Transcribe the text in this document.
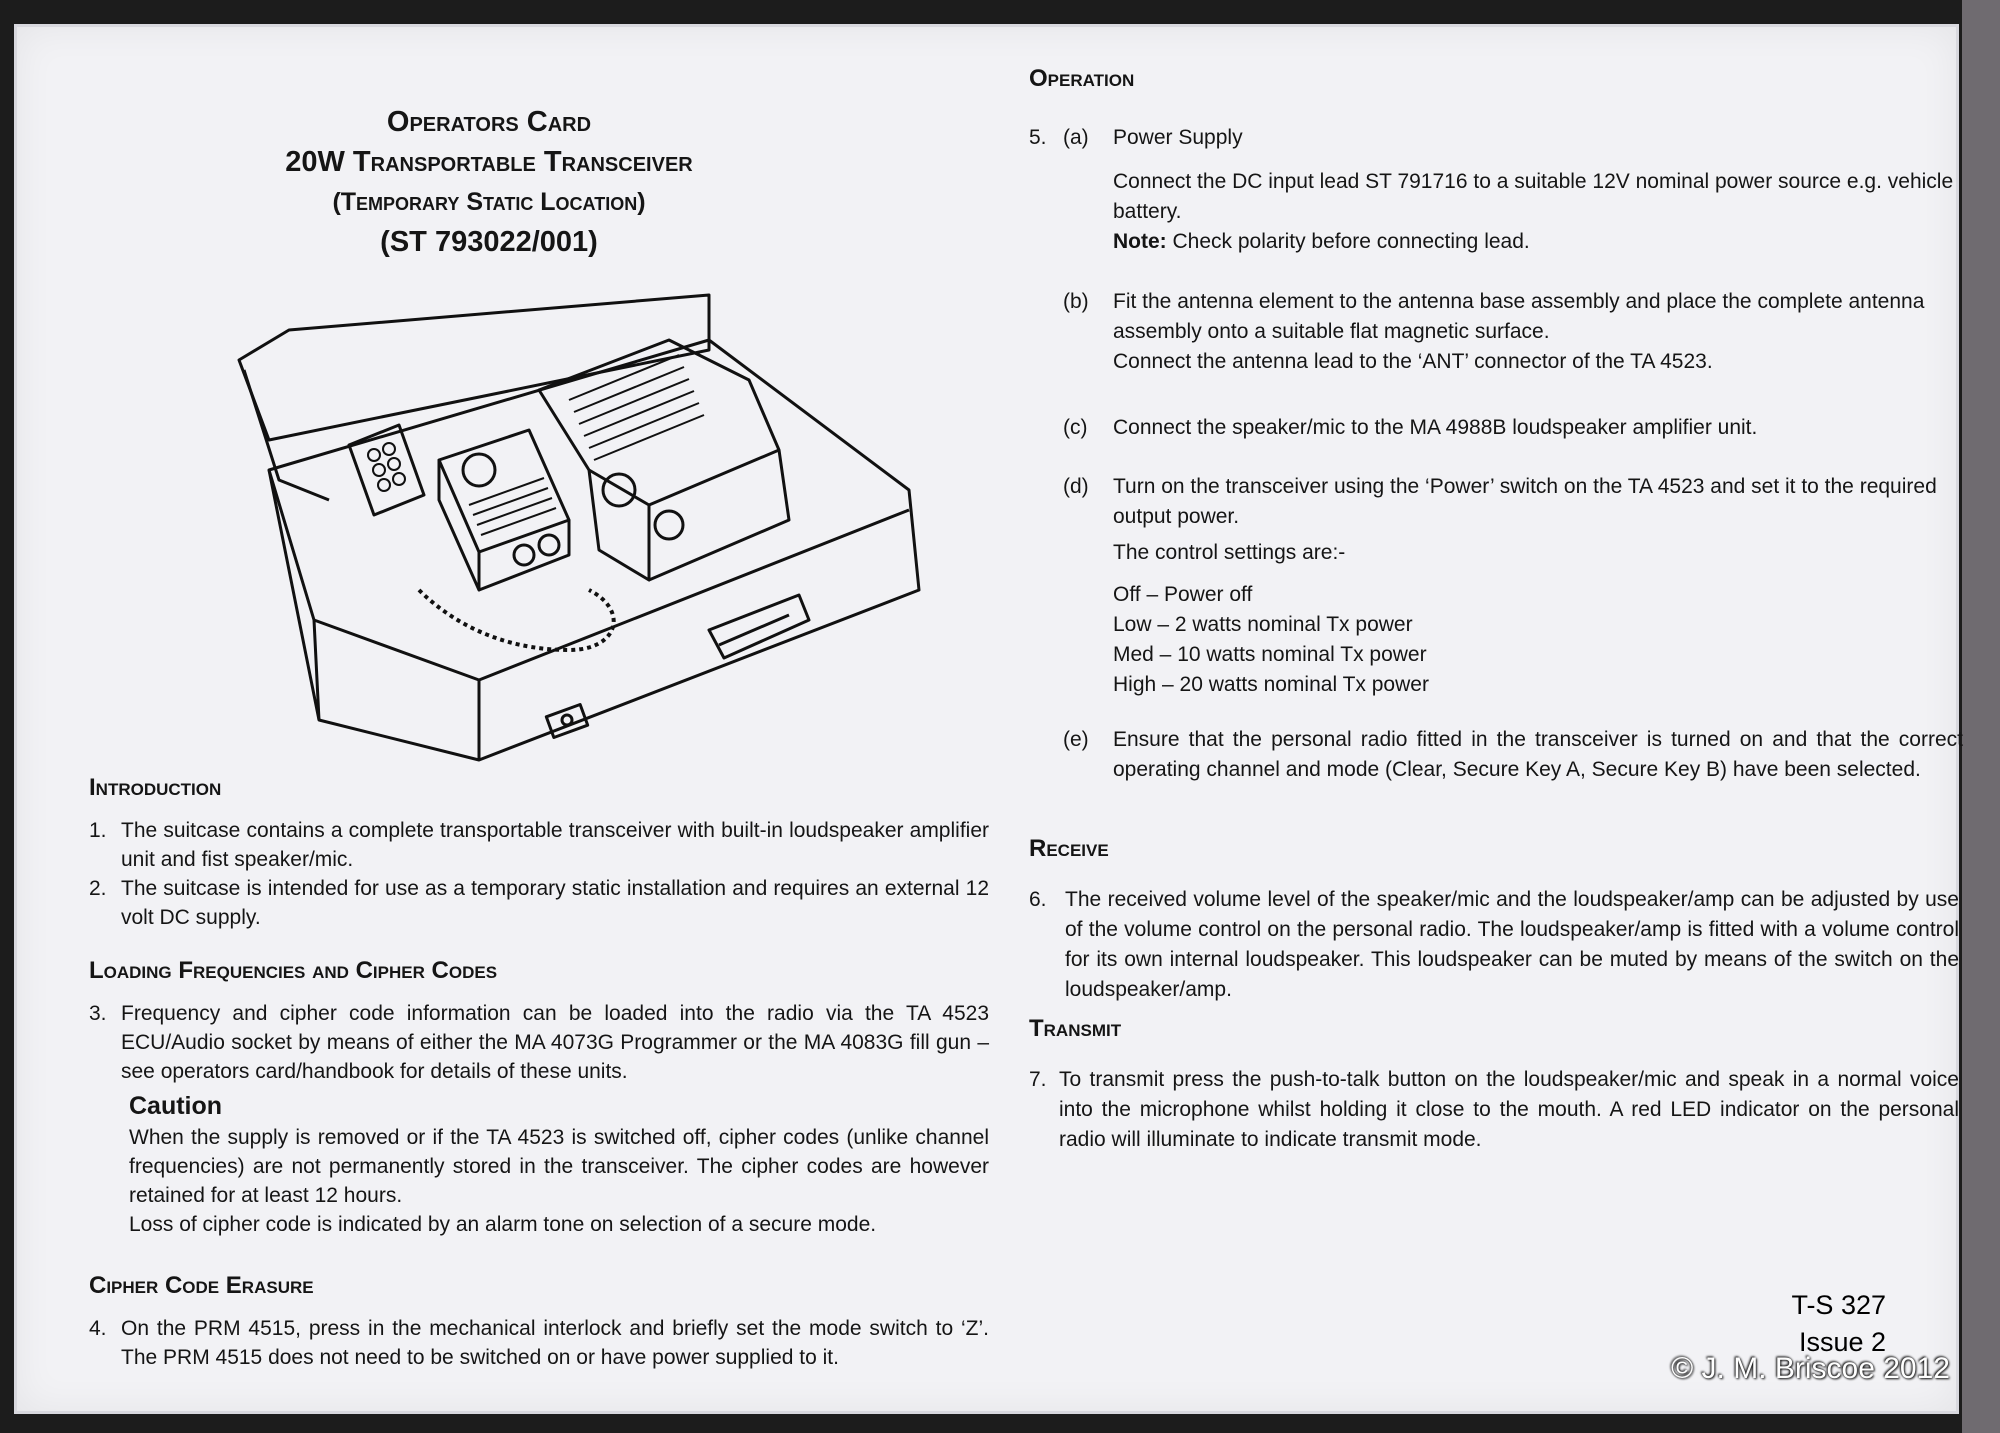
Operators Card
20W Transportable Transceiver
(Temporary Static Location)
(ST 793022/001)
Introduction
1. The suitcase contains a complete transportable transceiver with built-in loudspeaker amplifier unit and fist speaker/mic.
2. The suitcase is intended for use as a temporary static installation and requires an external 12 volt DC supply.
Loading Frequencies and Cipher Codes
3. Frequency and cipher code information can be loaded into the radio via the TA 4523 ECU/Audio socket by means of either the MA 4073G Programmer or the MA 4083G fill gun – see operators card/handbook for details of these units.
Caution

When the supply is removed or if the TA 4523 is switched off, cipher codes (unlike channel frequencies) are not permanently stored in the transceiver. The cipher codes are however retained for at least 12 hours.

Loss of cipher code is indicated by an alarm tone on selection of a secure mode.

Cipher Code Erasure
4. On the PRM 4515, press in the mechanical interlock and briefly set the mode switch to ‘Z’. The PRM 4515 does not need to be switched on or have power supplied to it.
Operation
5. (a) Power Supply
Connect the DC input lead ST 791716 to a suitable 12V nominal power source e.g. vehicle battery.
Note: Check polarity before connecting lead.
(b) Fit the antenna element to the antenna base assembly and place the complete antenna assembly onto a suitable flat magnetic surface.
Connect the antenna lead to the ‘ANT’ connector of the TA 4523.
(c) Connect the speaker/mic to the MA 4988B loudspeaker amplifier unit.
(d) Turn on the transceiver using the ‘Power’ switch on the TA 4523 and set it to the required output power.
The control settings are:-
Off – Power off
Low – 2 watts nominal Tx power
Med – 10 watts nominal Tx power
High – 20 watts nominal Tx power
(e) Ensure that the personal radio fitted in the transceiver is turned on and that the correct operating channel and mode (Clear, Secure Key A, Secure Key B) have been selected.
Receive
6. The received volume level of the speaker/mic and the loudspeaker/amp can be adjusted by use of the volume control on the personal radio. The loudspeaker/amp is fitted with a volume control for its own internal loudspeaker. This loudspeaker can be muted by means of the switch on the loudspeaker/amp.
Transmit
7. To transmit press the push-to-talk button on the loudspeaker/mic and speak in a normal voice into the microphone whilst holding it close to the mouth. A red LED indicator on the personal radio will illuminate to indicate transmit mode.
T-S 327
Issue 2
© J. M. Briscoe 2012
